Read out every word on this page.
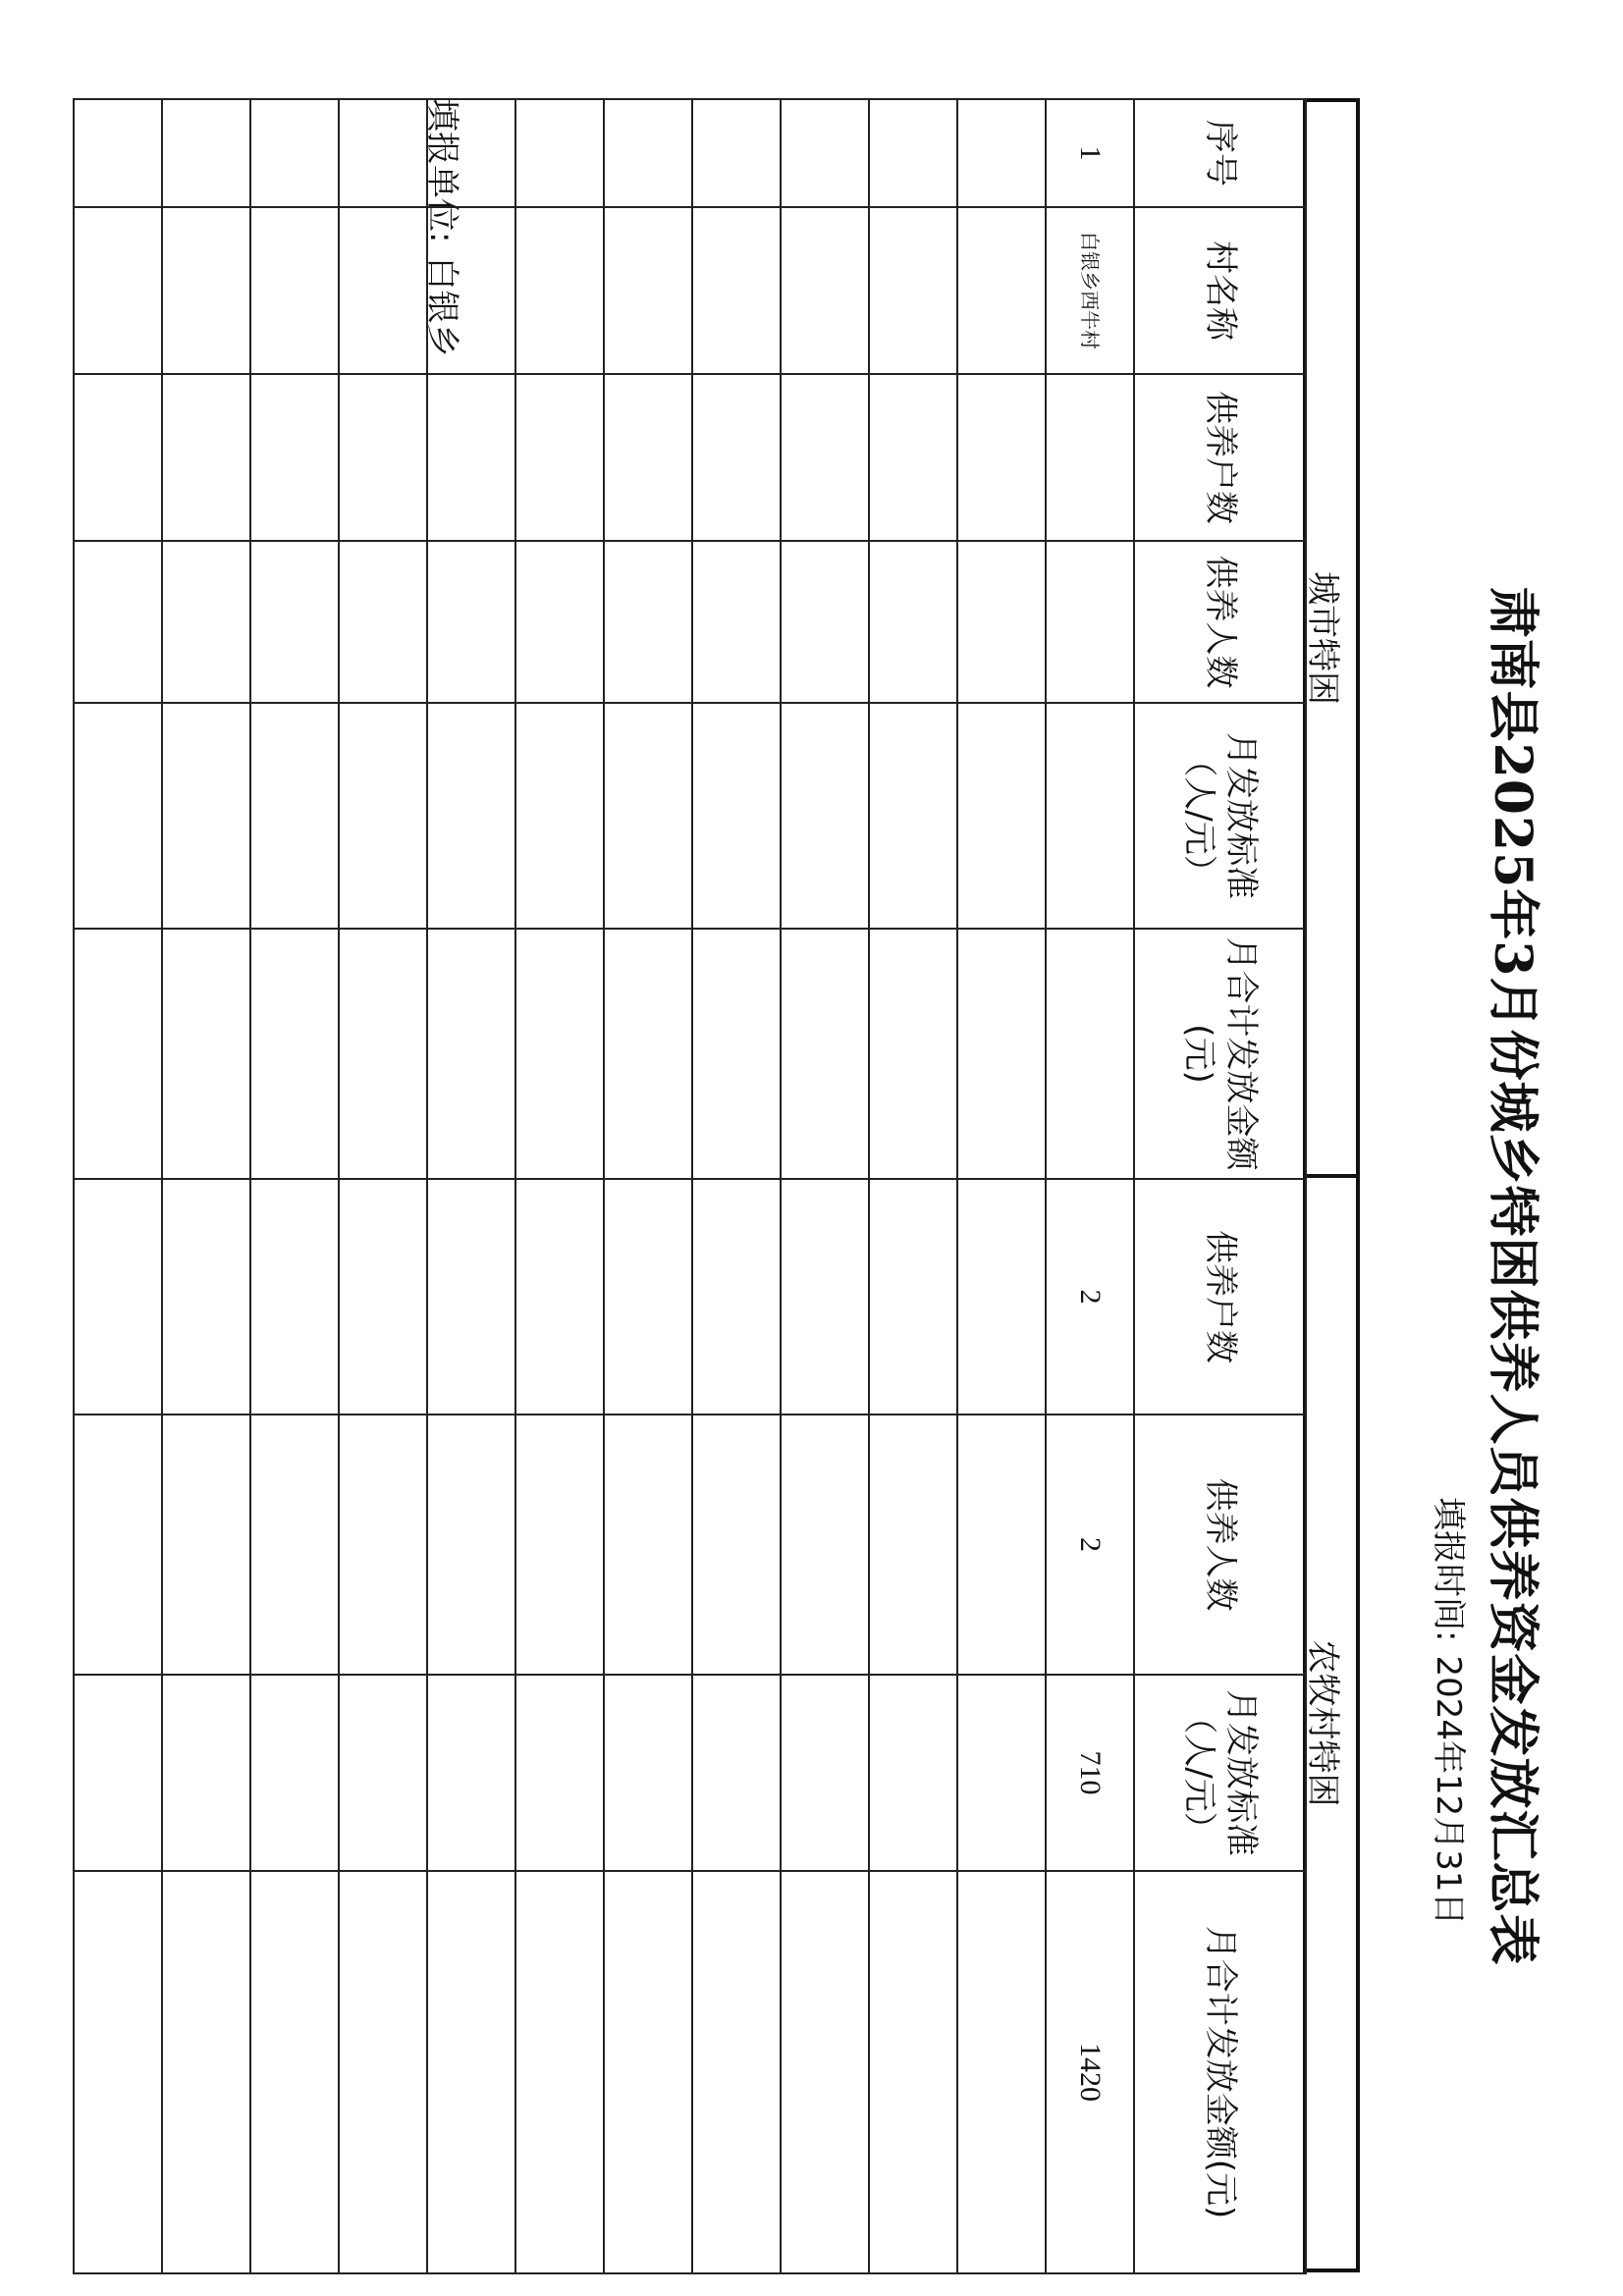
肃南县2025年3月份城乡特困供养人员供养资金发放汇总表
填报单位:白银乡
填报时间:2024年12月31日
城市特困
农牧村特困
序号	村名称	供养户数	供养人数	月发放标准（人/元）	月合计发放金额(元)	供养户数	供养人数	月发放标准（人/元）	月合计发放金额(元)
1	白银乡西牛村					2	2	710	1420
